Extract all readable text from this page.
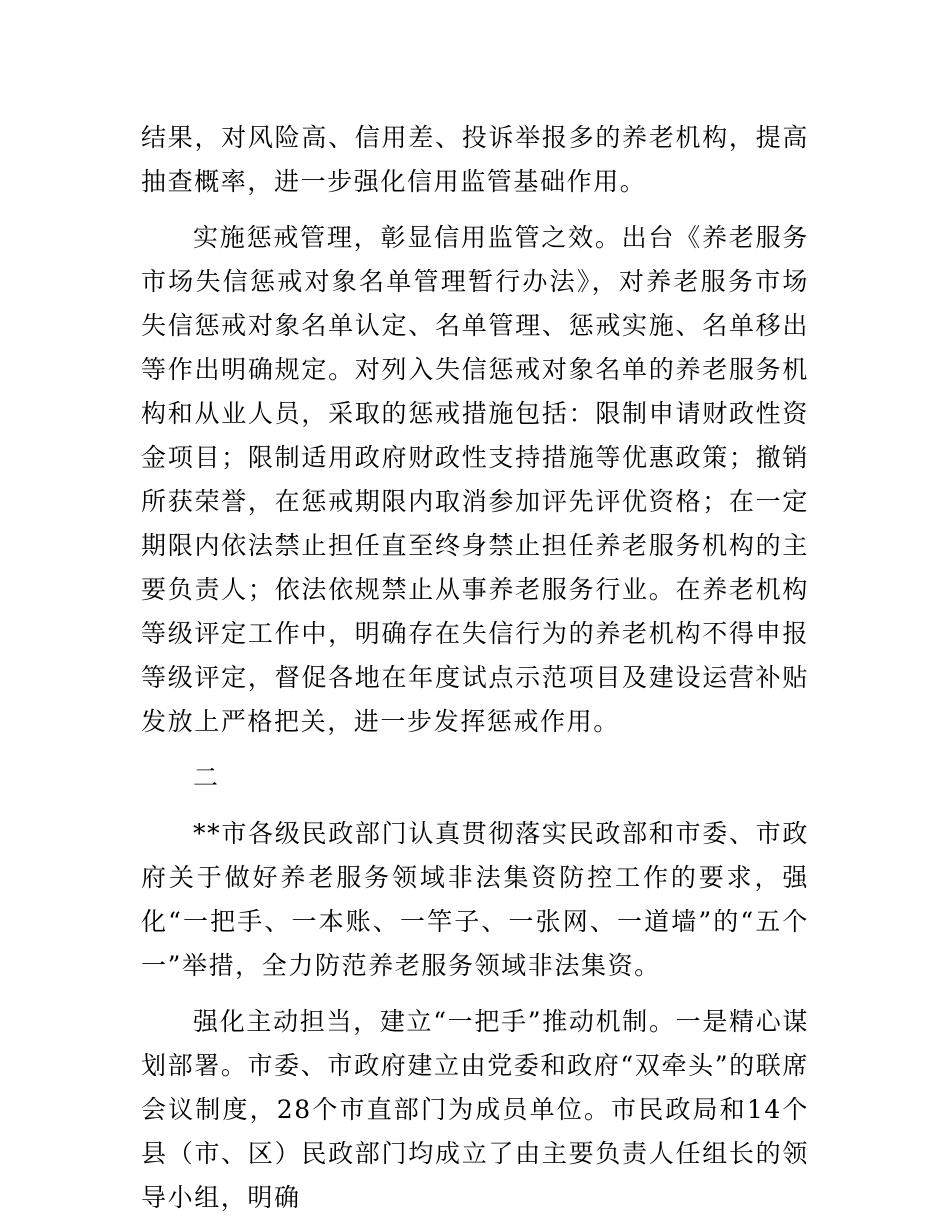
结果，对风险高、信用差、投诉举报多的养老机构，提高抽查概率，进一步强化信用监管基础作用。

实施惩戒管理，彰显信用监管之效。出台《养老服务市场失信惩戒对象名单管理暂行办法》，对养老服务市场失信惩戒对象名单认定、名单管理、惩戒实施、名单移出等作出明确规定。对列入失信惩戒对象名单的养老服务机构和从业人员，采取的惩戒措施包括：限制申请财政性资金项目；限制适用政府财政性支持措施等优惠政策；撤销所获荣誉，在惩戒期限内取消参加评先评优资格；在一定期限内依法禁止担任直至终身禁止担任养老服务机构的主要负责人；依法依规禁止从事养老服务行业。在养老机构等级评定工作中，明确存在失信行为的养老机构不得申报等级评定，督促各地在年度试点示范项目及建设运营补贴发放上严格把关，进一步发挥惩戒作用。

二

**市各级民政部门认真贯彻落实民政部和市委、市政府关于做好养老服务领域非法集资防控工作的要求，强化“一把手、一本账、一竿子、一张网、一道墙”的“五个一”举措，全力防范养老服务领域非法集资。

强化主动担当，建立“一把手”推动机制。一是精心谋划部署。市委、市政府建立由党委和政府“双牵头”的联席会议制度，28个市直部门为成员单位。市民政局和14个县（市、区）民政部门均成立了由主要负责人任组长的领导小组，明确
